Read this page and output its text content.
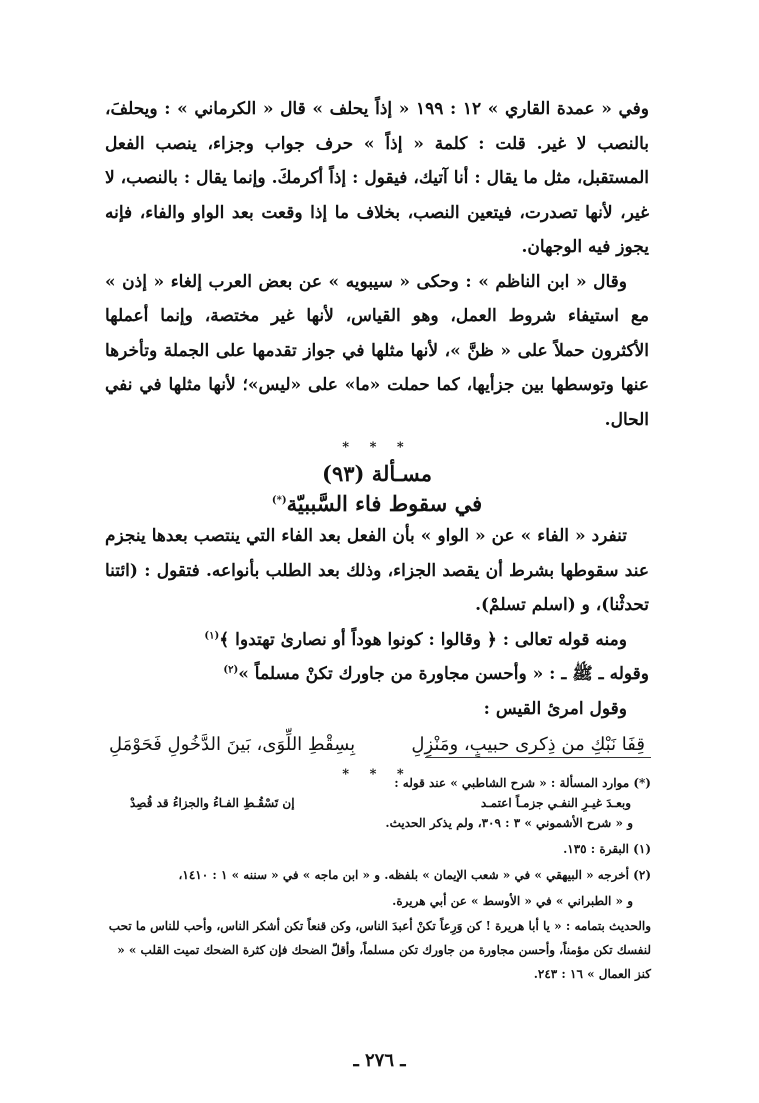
وفي « عمدة القاري » ١٢ : ١٩٩ « إذاً يحلف » قال « الكرماني » : ويحلفَ، بالنصب لا غير. قلت : كلمة « إذاً » حرف جواب وجزاء، ينصب الفعل المستقبل، مثل ما يقال : أنا آتيك، فيقول : إذاً أكرمكَ. وإنما يقال : بالنصب، لا غير، لأنها تصدرت، فيتعين النصب، بخلاف ما إذا وقعت بعد الواو والفاء، فإنه يجوز فيه الوجهان.

وقال « ابن الناظم » : وحكى « سيبويه » عن بعض العرب إلغاء « إذن » مع استيفاء شروط العمل، وهو القياس، لأنها غير مختصة، وإنما أعملها الأكثرون حملاً على « ظنَّ »، لأنها مثلها في جواز تقدمها على الجملة وتأخرها عنها وتوسطها بين جزأيها، كما حملت «ما» على «ليس»؛ لأنها مثلها في نفي الحال.

* * *
مسـألة (٩٣)
في سقوط فاء السَّببيّة(*)

تنفرد « الفاء » عن « الواو » بأن الفعل بعد الفاء التي ينتصب بعدها ينجزم عند سقوطها بشرط أن يقصد الجزاء، وذلك بعد الطلب بأنواعه. فتقول : (ائتنا تحدثْنا)، و (اسلم تسلمْ).

ومنه قوله تعالى : ﴿ وقالوا : كونوا هوداً أو نصارىٰ تهتدوا ﴾$^{(١)}$

وقوله ـ ﷺ ـ : « وأحسن مجاورة من جاورك تكنْ مسلماً »$^{(٢)}$

وقول امرئ القيس :

قِفَا نَبْكِ من ذِكرى حبيبٍ، ومَنْزِلِ
بِسِقْطِ اللِّوَى، بَينَ الدَّخُولِ فَحَوْمَلِ
* * *

(*) موارد المسألة : « شرح الشاطبي » عند قوله :

وبعـدَ غيـرِ النفـي جزمـاً اعتمـد
إن تَسْقُـطِ الفـاءُ والجزاءُ قد قُصِدْ

و « شرح الأشموني » ٣ : ٣٠٩، ولم يذكر الحديث.

(١) البقرة : ١٣٥.

(٢) أخرجه « البيهقي » في « شعب الإيمان » بلفظه. و « ابن ماجه » في « سننه » ١ : ١٤١٠،

و « الطبراني » في « الأوسط » عن أبي هريرة.

والحديث بتمامه : « يا أبا هريرة ! كن وَرِعاً تكنْ أعبدَ الناس، وكن قنعاً تكن أشكر الناس، وأحب للناس ما تحب لنفسك تكن مؤمناً، وأحسن مجاورة من جاورك تكن مسلماً، وأقلّ الضحك فإن كثرة الضحك تميت القلب » « كنز العمال » ١٦ : ٢٤٣.

ـ ٢٧٦ ـ
